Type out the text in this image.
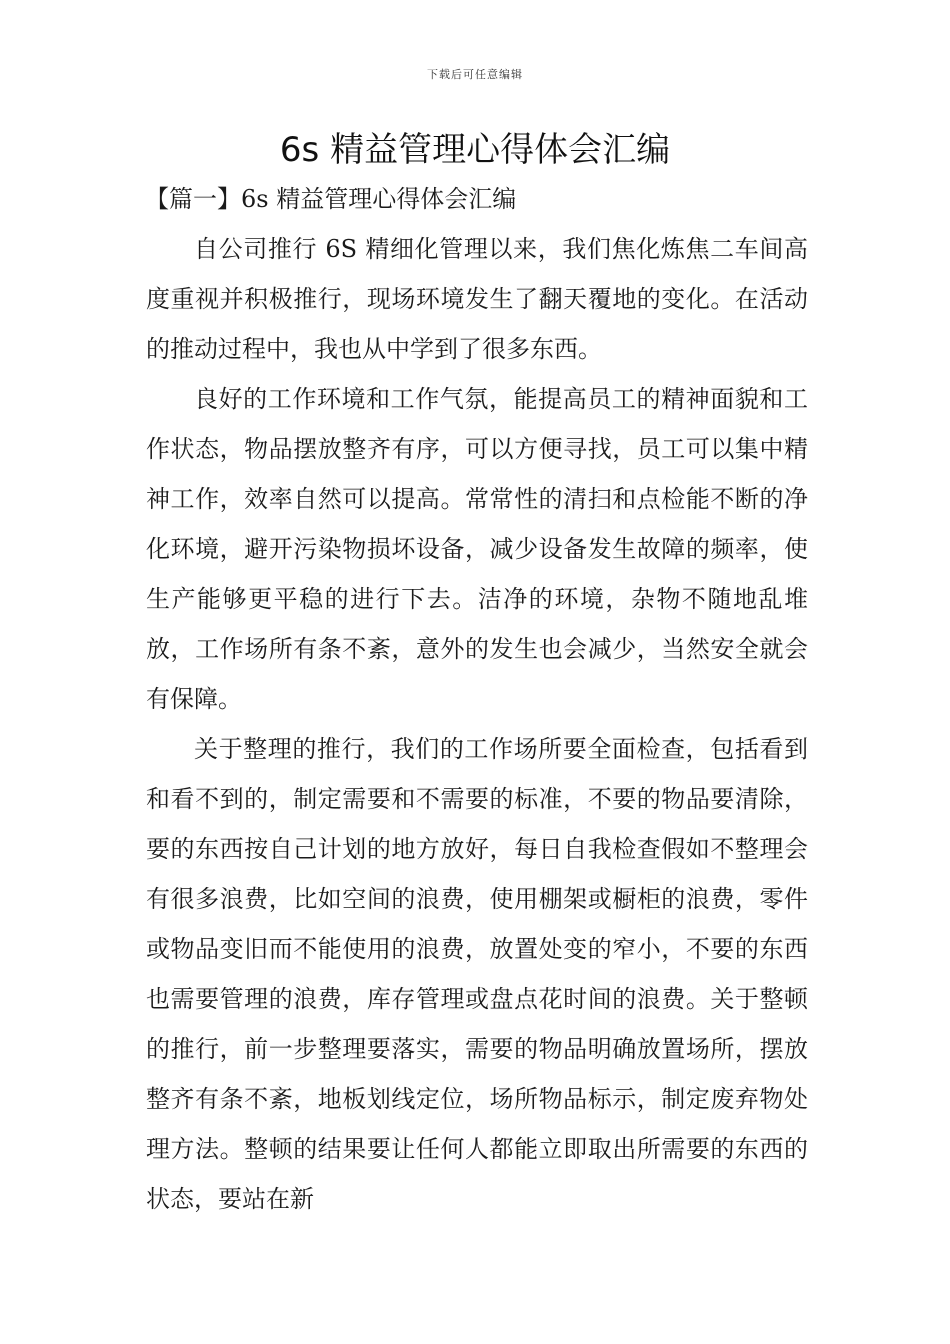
下载后可任意编辑
6s 精益管理心得体会汇编
【篇一】6s 精益管理心得体会汇编

自公司推行 6S 精细化管理以来，我们焦化炼焦二车间高度重视并积极推行，现场环境发生了翻天覆地的变化。在活动的推动过程中，我也从中学到了很多东西。

良好的工作环境和工作气氛，能提高员工的精神面貌和工作状态，物品摆放整齐有序，可以方便寻找，员工可以集中精神工作，效率自然可以提高。常常性的清扫和点检能不断的净化环境，避开污染物损坏设备，减少设备发生故障的频率，使生产能够更平稳的进行下去。洁净的环境，杂物不随地乱堆放，工作场所有条不紊，意外的发生也会减少，当然安全就会有保障。

关于整理的推行，我们的工作场所要全面检查，包括看到和看不到的，制定需要和不需要的标准，不要的物品要清除，要的东西按自己计划的地方放好，每日自我检查假如不整理会有很多浪费，比如空间的浪费，使用棚架或橱柜的浪费，零件或物品变旧而不能使用的浪费，放置处变的窄小，不要的东西也需要管理的浪费，库存管理或盘点花时间的浪费。关于整顿的推行，前一步整理要落实，需要的物品明确放置场所，摆放整齐有条不紊，地板划线定位，场所物品标示，制定废弃物处理方法。整顿的结果要让任何人都能立即取出所需要的东西的状态，要站在新
